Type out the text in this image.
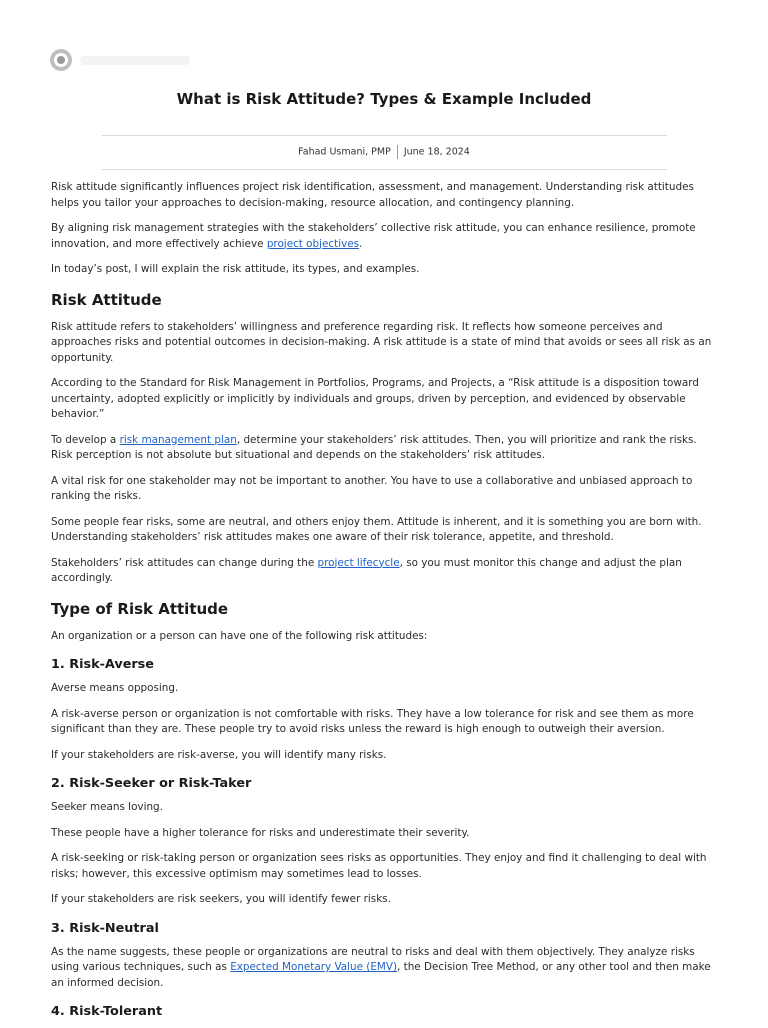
What is Risk Attitude? Types & Example Included
Fahad Usmani, PMP June 18, 2024

Risk attitude significantly influences project risk identification, assessment, and management. Understanding risk attitudes helps you tailor your approaches to decision-making, resource allocation, and contingency planning.

By aligning risk management strategies with the stakeholders’ collective risk attitude, you can enhance resilience, promote innovation, and more effectively achieve project objectives.

In today’s post, I will explain the risk attitude, its types, and examples.

Risk Attitude

Risk attitude refers to stakeholders’ willingness and preference regarding risk. It reflects how someone perceives and approaches risks and potential outcomes in decision-making. A risk attitude is a state of mind that avoids or sees all risk as an opportunity.

According to the Standard for Risk Management in Portfolios, Programs, and Projects, a “Risk attitude is a disposition toward uncertainty, adopted explicitly or implicitly by individuals and groups, driven by perception, and evidenced by observable behavior.”

To develop a risk management plan, determine your stakeholders’ risk attitudes. Then, you will prioritize and rank the risks. Risk perception is not absolute but situational and depends on the stakeholders’ risk attitudes.

A vital risk for one stakeholder may not be important to another. You have to use a collaborative and unbiased approach to ranking the risks.

Some people fear risks, some are neutral, and others enjoy them. Attitude is inherent, and it is something you are born with. Understanding stakeholders’ risk attitudes makes one aware of their risk tolerance, appetite, and threshold.

Stakeholders’ risk attitudes can change during the project lifecycle, so you must monitor this change and adjust the plan accordingly.

Type of Risk Attitude

An organization or a person can have one of the following risk attitudes:

1. Risk-Averse

Averse means opposing.

A risk-averse person or organization is not comfortable with risks. They have a low tolerance for risk and see them as more significant than they are. These people try to avoid risks unless the reward is high enough to outweigh their aversion.

If your stakeholders are risk-averse, you will identify many risks.

2. Risk-Seeker or Risk-Taker

Seeker means loving.

These people have a higher tolerance for risks and underestimate their severity.

A risk-seeking or risk-taking person or organization sees risks as opportunities. They enjoy and find it challenging to deal with risks; however, this excessive optimism may sometimes lead to losses.

If your stakeholders are risk seekers, you will identify fewer risks.

3. Risk-Neutral

As the name suggests, these people or organizations are neutral to risks and deal with them objectively. They analyze risks using various techniques, such as Expected Monetary Value (EMV), the Decision Tree Method, or any other tool and then make an informed decision.

4. Risk-Tolerant
